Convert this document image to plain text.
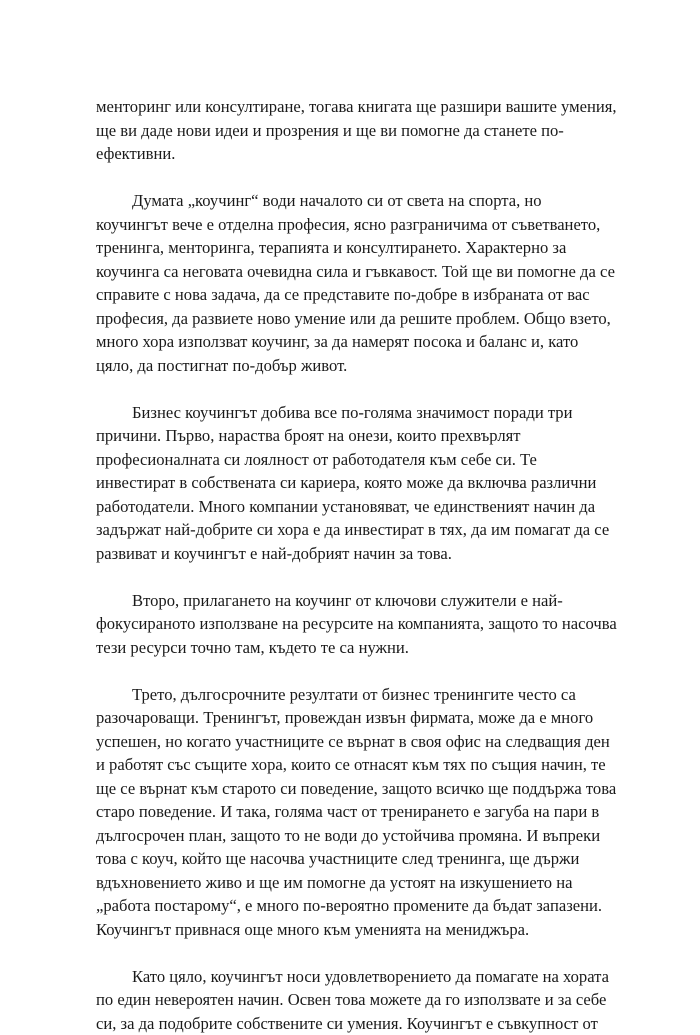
менторинг или консултиране, тогава книгата ще разшири вашите умения,
ще ви даде нови идеи и прозрения и ще ви помогне да станете по-
ефективни.
Думата „коучинг“ води началото си от света на спорта, но
коучингът вече е отделна професия, ясно разграничима от съветването,
тренинга, менторинга, терапията и консултирането. Характерно за
коучинга са неговата очевидна сила и гъвкавост. Той ще ви помогне да се
справите с нова задача, да се представите по-добре в избраната от вас
професия, да развиете ново умение или да решите проблем. Общо взето,
много хора използват коучинг, за да намерят посока и баланс и, като
цяло, да постигнат по-добър живот.
Бизнес коучингът добива все по-голяма значимост поради три
причини. Първо, нараства броят на онези, които прехвърлят
професионалната си лоялност от работодателя към себе си. Те
инвестират в собствената си кариера, която може да включва различни
работодатели. Много компании установяват, че единственият начин да
задържат най-добрите си хора е да инвестират в тях, да им помагат да се
развиват и коучингът е най-добрият начин за това.
Второ, прилагането на коучинг от ключови служители е най-
фокусираното използване на ресурсите на компанията, защото то насочва
тези ресурси точно там, където те са нужни.
Трето, дългосрочните резултати от бизнес тренингите често са
разочароващи. Тренингът, провеждан извън фирмата, може да е много
успешен, но когато участниците се върнат в своя офис на следващия ден
и работят със същите хора, които се отнасят към тях по същия начин, те
ще се върнат към старото си поведение, защото всичко ще поддържа това
старо поведение. И така, голяма част от тренирането е загуба на пари в
дългосрочен план, защото то не води до устойчива промяна. И въпреки
това с коуч, който ще насочва участниците след тренинга, ще държи
вдъхновението живо и ще им помогне да устоят на изкушението на
„работа постарому“, е много по-вероятно промените да бъдат запазени.
Коучингът привнася още много към уменията на мениджъра.
Като цяло, коучингът носи удовлетворението да помагате на хората
по един невероятен начин. Освен това можете да го използвате и за себе
си, за да подобрите собствените си умения. Коучингът е съвкупност от
